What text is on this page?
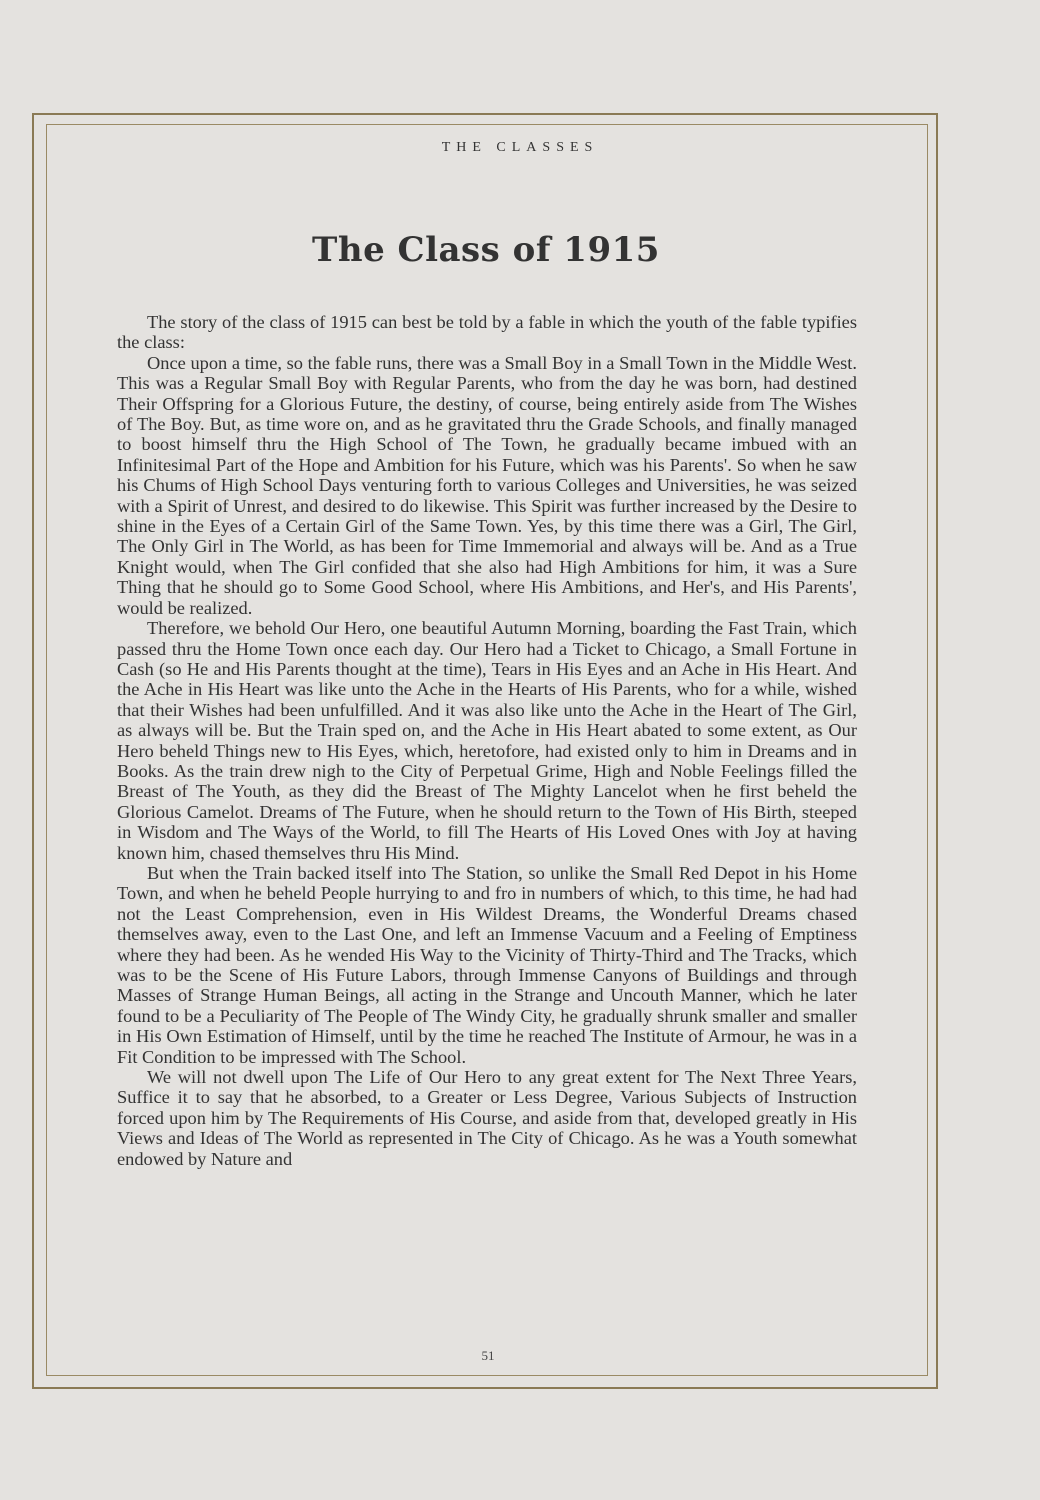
THE CLASSES
The Class of 1915

The story of the class of 1915 can best be told by a fable in which the youth of the fable typifies the class:

Once upon a time, so the fable runs, there was a Small Boy in a Small Town in the Middle West. This was a Regular Small Boy with Regular Parents, who from the day he was born, had destined Their Offspring for a Glorious Future, the destiny, of course, being entirely aside from The Wishes of The Boy. But, as time wore on, and as he gravitated thru the Grade Schools, and finally managed to boost himself thru the High School of The Town, he gradually became imbued with an Infinitesimal Part of the Hope and Ambition for his Future, which was his Parents'. So when he saw his Chums of High School Days venturing forth to various Colleges and Universities, he was seized with a Spirit of Unrest, and desired to do likewise. This Spirit was further increased by the Desire to shine in the Eyes of a Certain Girl of the Same Town. Yes, by this time there was a Girl, The Girl, The Only Girl in The World, as has been for Time Immemorial and always will be. And as a True Knight would, when The Girl confided that she also had High Ambitions for him, it was a Sure Thing that he should go to Some Good School, where His Ambitions, and Her's, and His Parents', would be realized.

Therefore, we behold Our Hero, one beautiful Autumn Morning, boarding the Fast Train, which passed thru the Home Town once each day. Our Hero had a Ticket to Chicago, a Small Fortune in Cash (so He and His Parents thought at the time), Tears in His Eyes and an Ache in His Heart. And the Ache in His Heart was like unto the Ache in the Hearts of His Parents, who for a while, wished that their Wishes had been unfulfilled. And it was also like unto the Ache in the Heart of The Girl, as always will be. But the Train sped on, and the Ache in His Heart abated to some extent, as Our Hero beheld Things new to His Eyes, which, heretofore, had existed only to him in Dreams and in Books. As the train drew nigh to the City of Perpetual Grime, High and Noble Feelings filled the Breast of The Youth, as they did the Breast of The Mighty Lancelot when he first beheld the Glorious Camelot. Dreams of The Future, when he should return to the Town of His Birth, steeped in Wisdom and The Ways of the World, to fill The Hearts of His Loved Ones with Joy at having known him, chased themselves thru His Mind.

But when the Train backed itself into The Station, so unlike the Small Red Depot in his Home Town, and when he beheld People hurrying to and fro in numbers of which, to this time, he had had not the Least Comprehension, even in His Wildest Dreams, the Wonderful Dreams chased themselves away, even to the Last One, and left an Immense Vacuum and a Feeling of Emptiness where they had been. As he wended His Way to the Vicinity of Thirty-Third and The Tracks, which was to be the Scene of His Future Labors, through Immense Canyons of Buildings and through Masses of Strange Human Beings, all acting in the Strange and Uncouth Manner, which he later found to be a Peculiarity of The People of The Windy City, he gradually shrunk smaller and smaller in His Own Estimation of Himself, until by the time he reached The Institute of Armour, he was in a Fit Condition to be impressed with The School.

We will not dwell upon The Life of Our Hero to any great extent for The Next Three Years, Suffice it to say that he absorbed, to a Greater or Less Degree, Various Subjects of Instruction forced upon him by The Requirements of His Course, and aside from that, developed greatly in His Views and Ideas of The World as represented in The City of Chicago. As he was a Youth somewhat endowed by Nature and

51
